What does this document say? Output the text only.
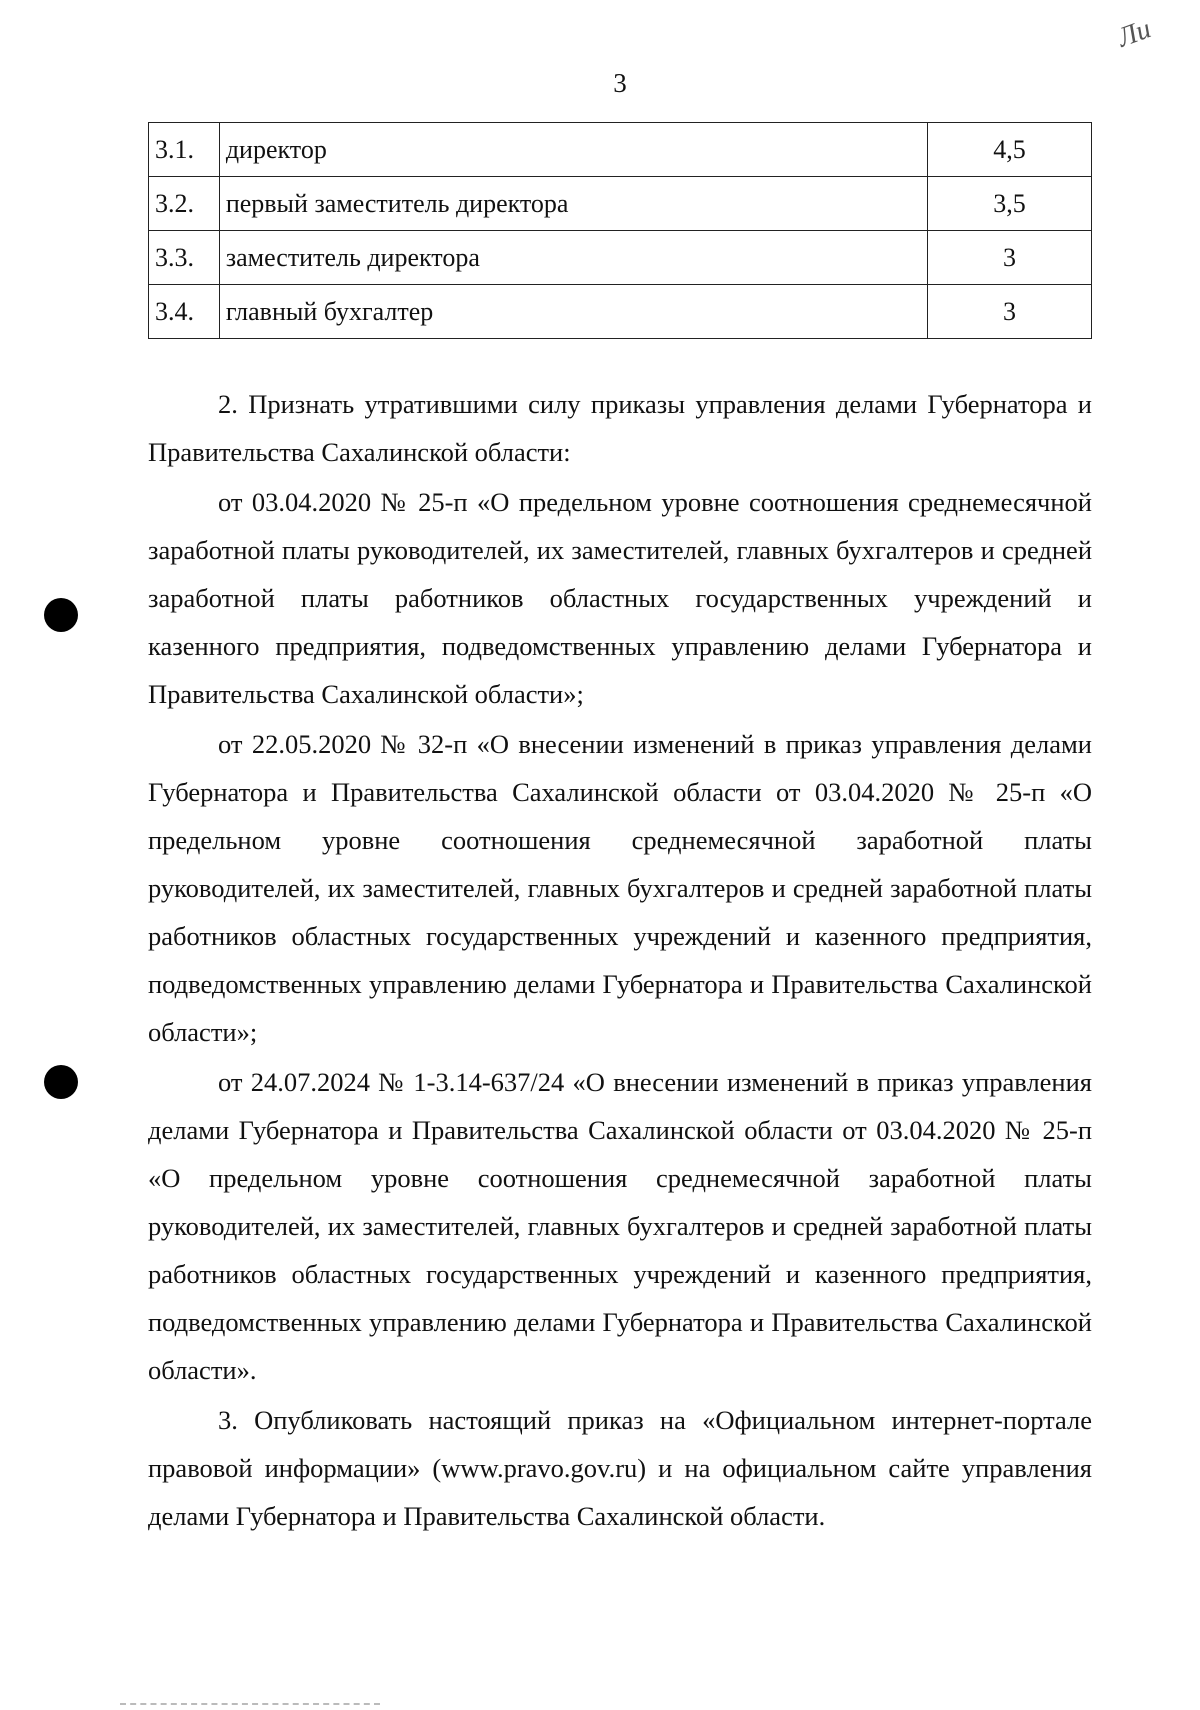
3
Ли
3.1.	директор	4,5
3.2.	первый заместитель директора	3,5
3.3.	заместитель директора	3
3.4.	главный бухгалтер	3

2. Признать утратившими силу приказы управления делами Губернатора и Правительства Сахалинской области:

от 03.04.2020 № 25-п «О предельном уровне соотношения среднемесячной заработной платы руководителей, их заместителей, главных бухгалтеров и средней заработной платы работников областных государственных учреждений и казенного предприятия, подведомственных управлению делами Губернатора и Правительства Сахалинской области»;

от 22.05.2020 № 32-п «О внесении изменений в приказ управления делами Губернатора и Правительства Сахалинской области от 03.04.2020 № 25-п «О предельном уровне соотношения среднемесячной заработной платы руководителей, их заместителей, главных бухгалтеров и средней заработной платы работников областных государственных учреждений и казенного предприятия, подведомственных управлению делами Губернатора и Правительства Сахалинской области»;

от 24.07.2024 № 1-3.14-637/24 «О внесении изменений в приказ управления делами Губернатора и Правительства Сахалинской области от 03.04.2020 № 25-п «О предельном уровне соотношения среднемесячной заработной платы руководителей, их заместителей, главных бухгалтеров и средней заработной платы работников областных государственных учреждений и казенного предприятия, подведомственных управлению делами Губернатора и Правительства Сахалинской области».

3. Опубликовать настоящий приказ на «Официальном интернет-портале правовой информации» (www.pravo.gov.ru) и на официальном сайте управления делами Губернатора и Правительства Сахалинской области.
